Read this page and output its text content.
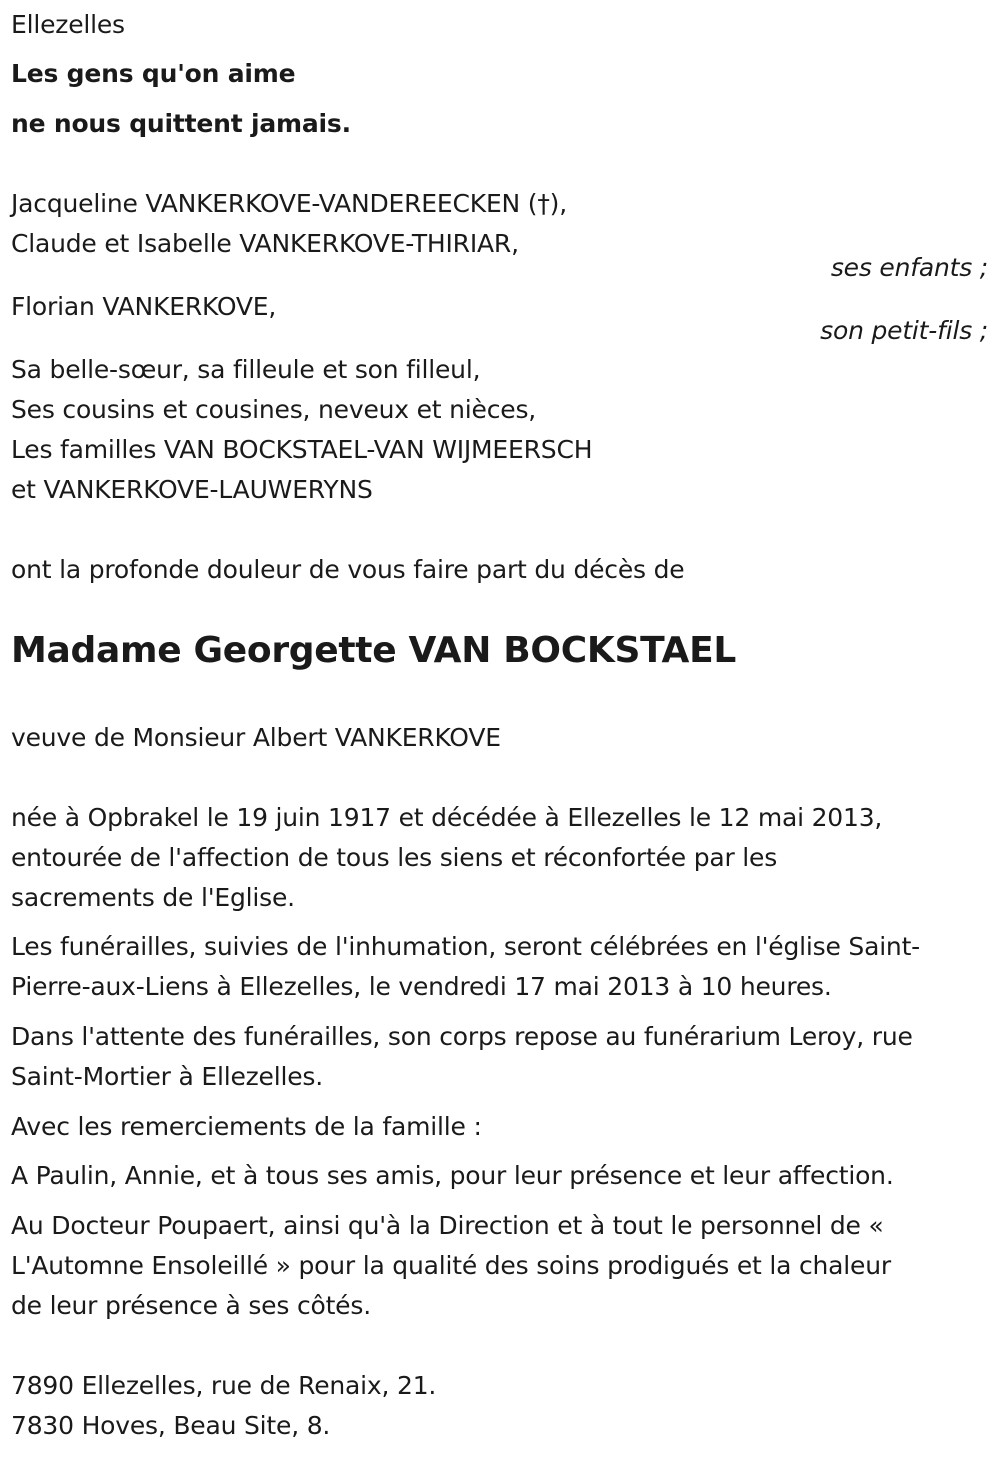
Ellezelles
Les gens qu'on aime
ne nous quittent jamais.
Jacqueline VANKERKOVE-VANDEREECKEN (†),
Claude et Isabelle VANKERKOVE-THIRIAR,
ses enfants ;
Florian VANKERKOVE,
son petit-fils ;
Sa belle-sœur, sa filleule et son filleul,
Ses cousins et cousines, neveux et nièces,
Les familles VAN BOCKSTAEL-VAN WIJMEERSCH
et VANKERKOVE-LAUWERYNS
ont la profonde douleur de vous faire part du décès de
Madame Georgette VAN BOCKSTAEL
veuve de Monsieur Albert VANKERKOVE
née à Opbrakel le 19 juin 1917 et décédée à Ellezelles le 12 mai 2013,
entourée de l'affection de tous les siens et réconfortée par les
sacrements de l'Eglise.
Les funérailles, suivies de l'inhumation, seront célébrées en l'église Saint-
Pierre-aux-Liens à Ellezelles, le vendredi 17 mai 2013 à 10 heures.
Dans l'attente des funérailles, son corps repose au funérarium Leroy, rue
Saint-Mortier à Ellezelles.
Avec les remerciements de la famille :
A Paulin, Annie, et à tous ses amis, pour leur présence et leur affection.
Au Docteur Poupaert, ainsi qu'à la Direction et à tout le personnel de «
L'Automne Ensoleillé » pour la qualité des soins prodigués et la chaleur
de leur présence à ses côtés.
7890 Ellezelles, rue de Renaix, 21.
7830 Hoves, Beau Site, 8.
